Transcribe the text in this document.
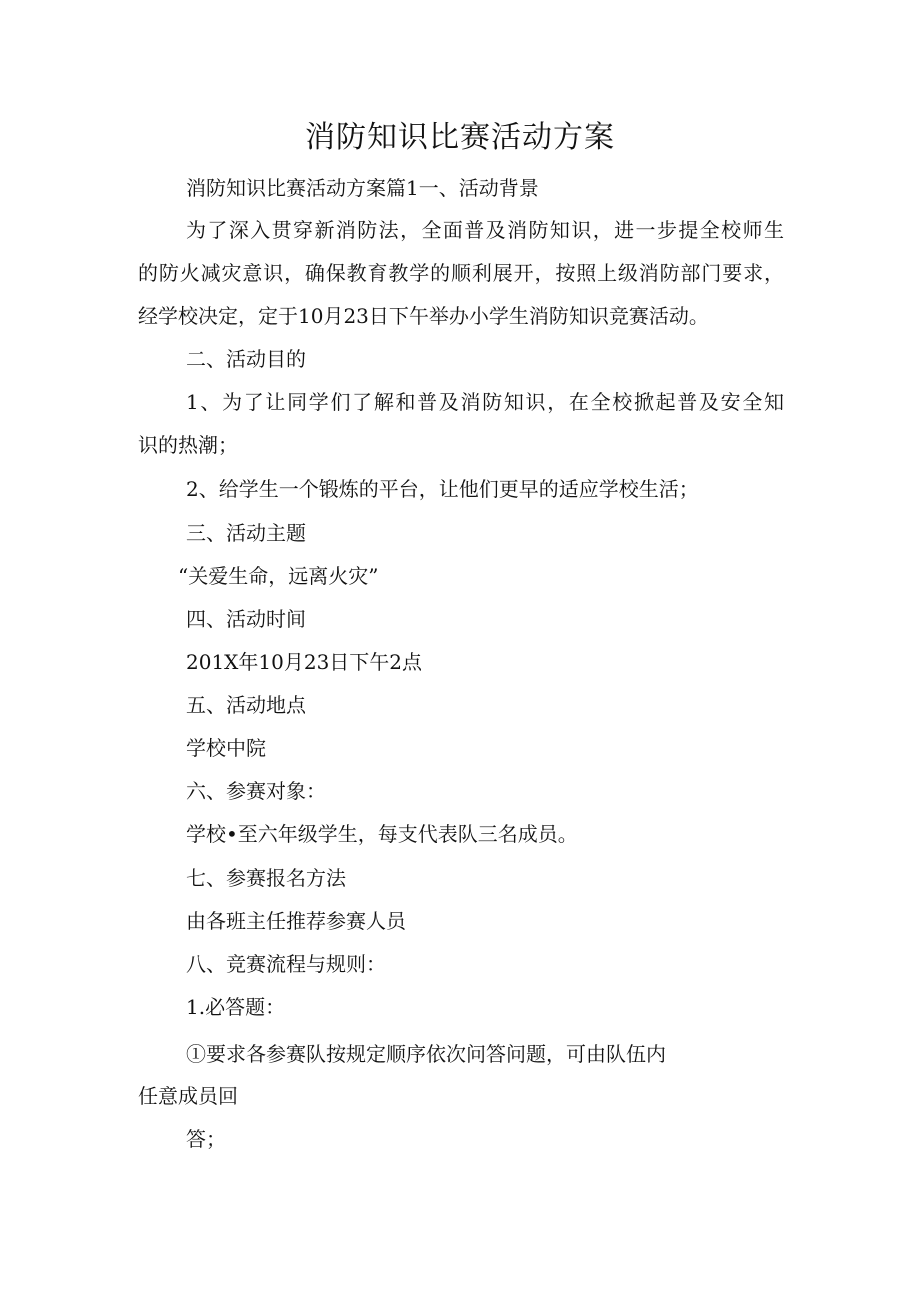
消防知识比赛活动方案

消防知识比赛活动方案篇1一、活动背景

为了深入贯穿新消防法，全面普及消防知识，进一步提全校师生

的防火减灾意识，确保教育教学的顺利展开，按照上级消防部门要求，

经学校决定，定于10月23日下午举办小学生消防知识竞赛活动。

二、活动目的

1、为了让同学们了解和普及消防知识，在全校掀起普及安全知

识的热潮；

2、给学生一个锻炼的平台，让他们更早的适应学校生活；

三、活动主题

“关爱生命，远离火灾”

四、活动时间

201X年10月23日下午2点

五、活动地点

学校中院

六、参赛对象：

学校•至六年级学生，每支代表队三名成员。

七、参赛报名方法

由各班主任推荐参赛人员

八、竞赛流程与规则：

1.必答题：

①要求各参赛队按规定顺序依次问答问题，可由队伍内

任意成员回

答；
